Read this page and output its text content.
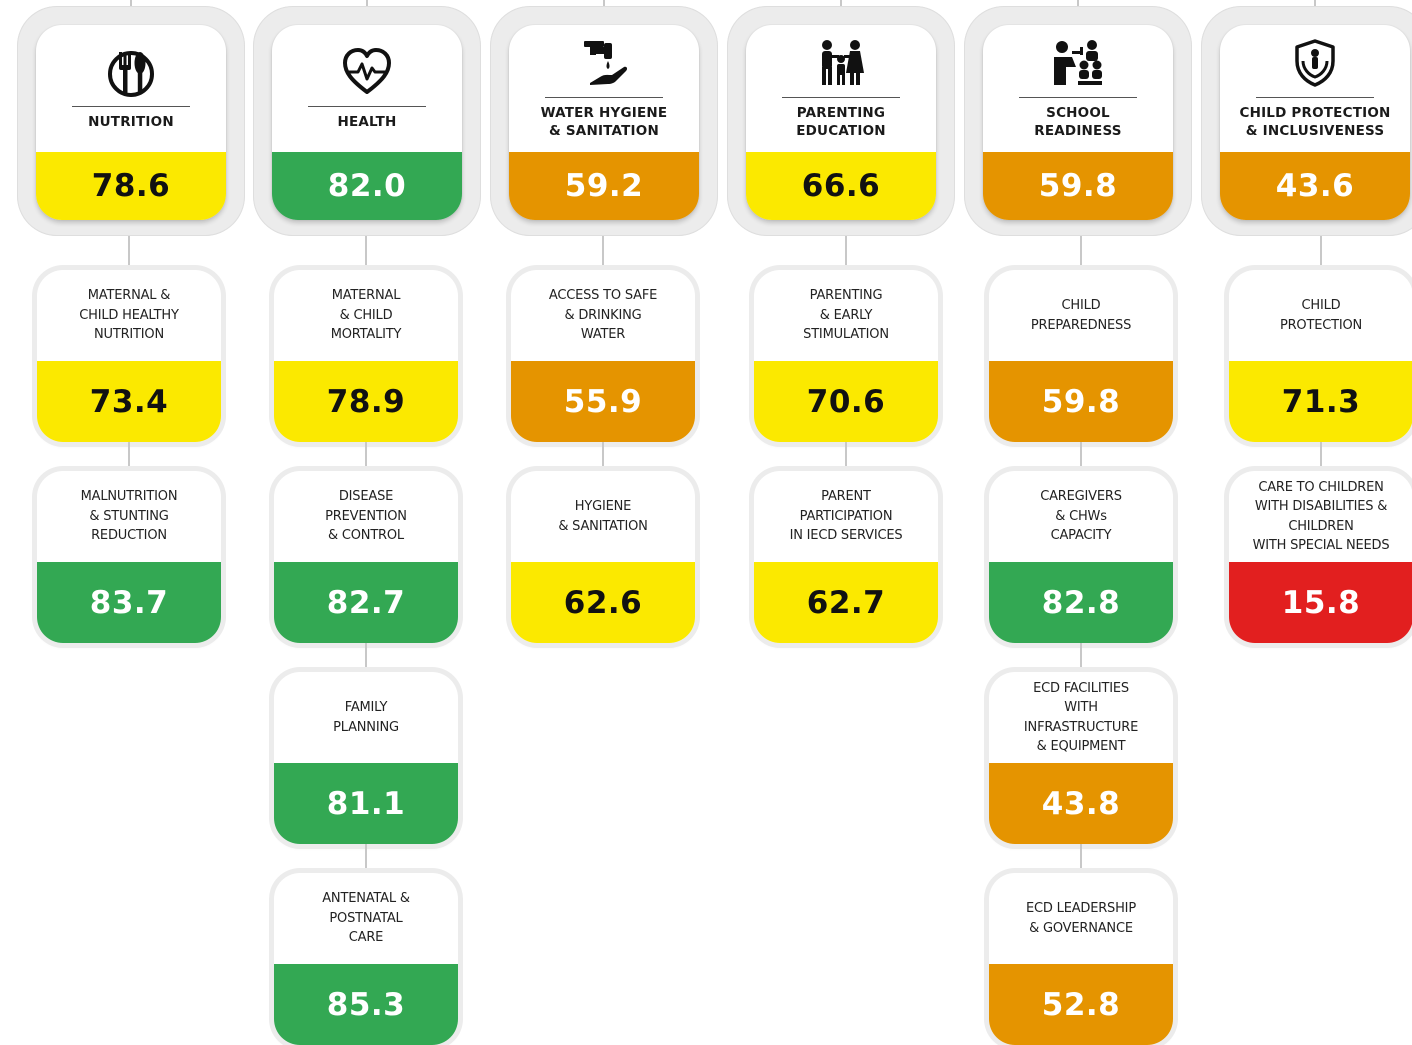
NUTRITION
78.6
MATERNAL &
CHILD HEALTHY
NUTRITION
73.4
MALNUTRITION
& STUNTING
REDUCTION
83.7
HEALTH
82.0
MATERNAL
& CHILD
MORTALITY
78.9
DISEASE
PREVENTION
& CONTROL
82.7
FAMILY
PLANNING
81.1
ANTENATAL &
POSTNATAL
CARE
85.3
WATER HYGIENE
& SANITATION
59.2
ACCESS TO SAFE
& DRINKING
WATER
55.9
HYGIENE
& SANITATION
62.6
PARENTING
EDUCATION
66.6
PARENTING
& EARLY
STIMULATION
70.6
PARENT
PARTICIPATION
IN IECD SERVICES
62.7
SCHOOL
READINESS
59.8
CHILD
PREPAREDNESS
59.8
CAREGIVERS
& CHWs
CAPACITY
82.8
ECD FACILITIES
WITH
INFRASTRUCTURE
& EQUIPMENT
43.8
ECD LEADERSHIP
& GOVERNANCE
52.8
CHILD PROTECTION
& INCLUSIVENESS
43.6
CHILD
PROTECTION
71.3
CARE TO CHILDREN
WITH DISABILITIES &
CHILDREN
WITH SPECIAL NEEDS
15.8
